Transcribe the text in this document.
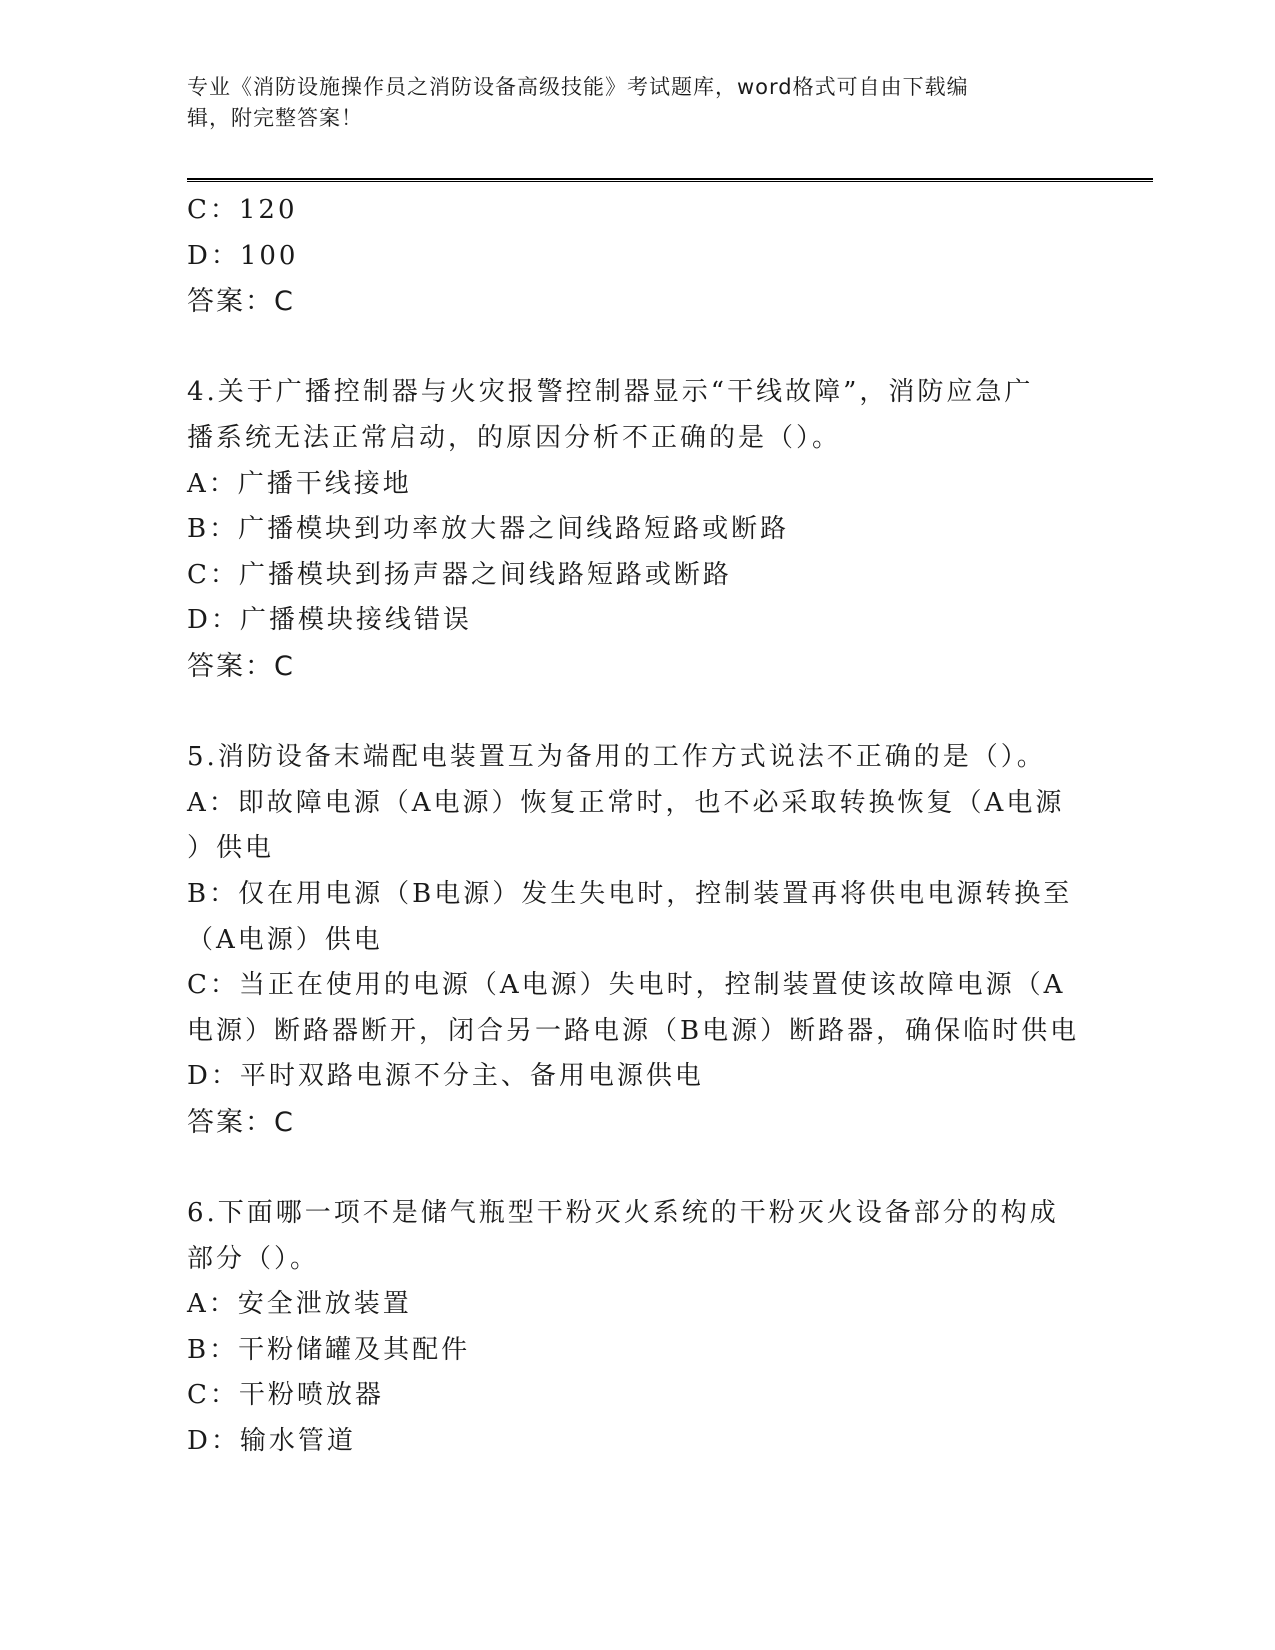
专业《消防设施操作员之消防设备高级技能》考试题库，word格式可自由下载编
辑，附完整答案！
C：120
D：100
答案：C
4.关于广播控制器与火灾报警控制器显示“干线故障”，消防应急广
播系统无法正常启动，的原因分析不正确的是（）。
A：广播干线接地
B：广播模块到功率放大器之间线路短路或断路
C：广播模块到扬声器之间线路短路或断路
D：广播模块接线错误
答案：C
5.消防设备末端配电装置互为备用的工作方式说法不正确的是（）。
A：即故障电源（A电源）恢复正常时，也不必采取转换恢复（A电源
）供电
B：仅在用电源（B电源）发生失电时，控制装置再将供电电源转换至
（A电源）供电
C：当正在使用的电源（A电源）失电时，控制装置使该故障电源（A
电源）断路器断开，闭合另一路电源（B电源）断路器，确保临时供电
D：平时双路电源不分主、备用电源供电
答案：C
6.下面哪一项不是储气瓶型干粉灭火系统的干粉灭火设备部分的构成
部分（）。
A：安全泄放装置
B：干粉储罐及其配件
C：干粉喷放器
D：输水管道
